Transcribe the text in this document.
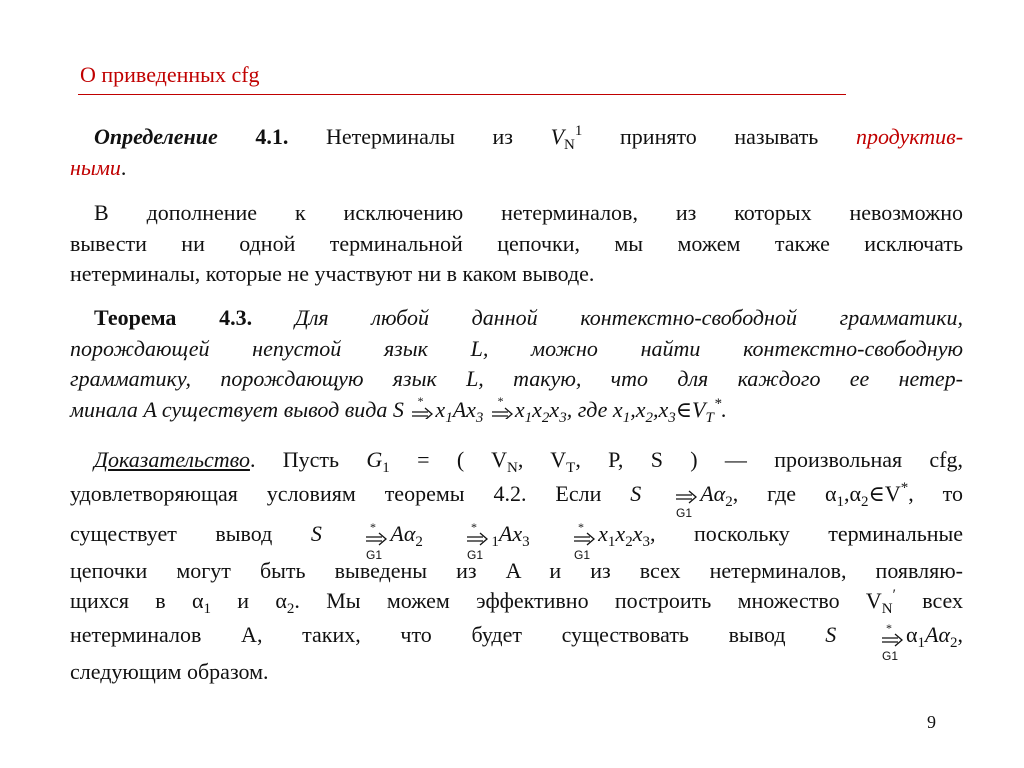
О приведенных cfg
Определение 4.1. Нетерминалы из $V_N^1$ принято называть продуктив-
ными.
В дополнение к исключению нетерминалов, из которых невозможно
вывести ни одной терминальной цепочки, мы можем также исключать
нетерминалы, которые не участвуют ни в каком выводе.
Теорема 4.3. Для любой данной контекстно-свободной грамматики,
порождающей непустой язык L, можно найти контекстно-свободную
грамматику, порождающую язык L, такую, что для каждого ее нетер-
минала A существует вывод вида S * $x_1Ax_3$
* $x_1x_2x_3$, где $x_1,x_2,x_3\in V_T^*$.
Доказательство. Пусть $G_1$ = ( $V_N$, $V_T$, P, S ) — произвольная cfg,
удовлетворяющая условиям теоремы 4.2. Если S
G1
$A\alpha_2$, где $\alpha_1,\alpha_2\in V^*$, то
существует вывод S	*
G1
$A\alpha_2$
*
G1
$_1Ax_3$
*
G1
$x_1x_2x_3$, поскольку терминальные
цепочки могут быть выведены из A и из всех нетерминалов, появляю-
щихся в $\alpha_1$ и $\alpha_2$. Мы можем эффективно построить множество $V_N'$ всех
нетерминалов A, таких, что будет существовать вывод S	*
G1
$\alpha_1A\alpha_2$,
следующим образом.
9
